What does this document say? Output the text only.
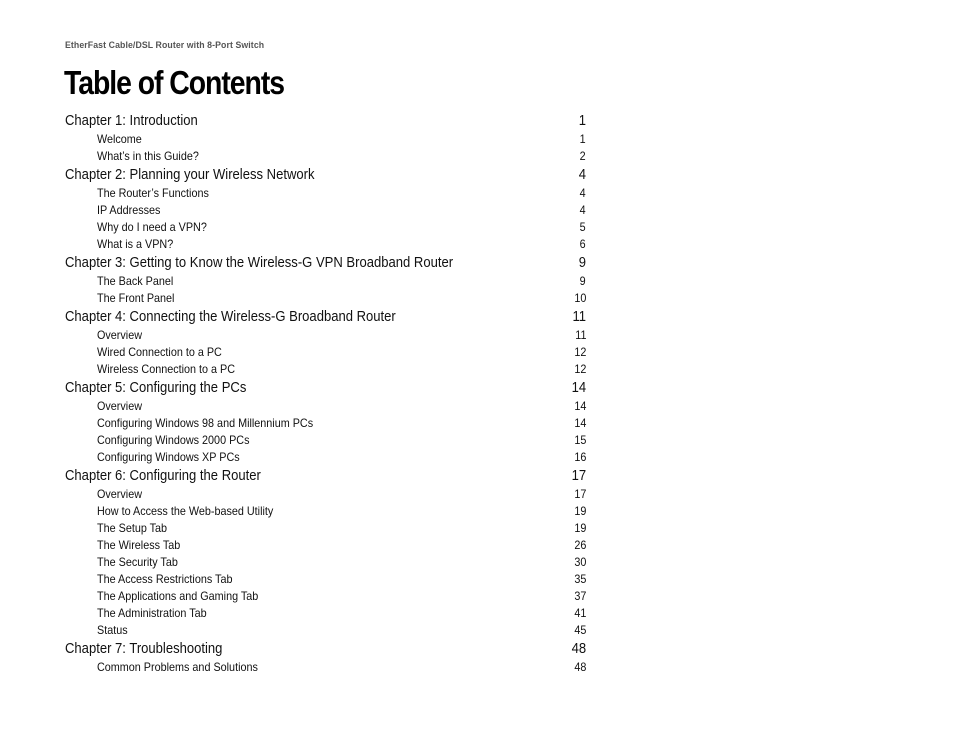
EtherFast Cable/DSL Router with 8-Port Switch
Table of Contents
Chapter 1: Introduction	1
Welcome	1
What’s in this Guide?	2
Chapter 2: Planning your Wireless Network	4
The Router’s Functions	4
IP Addresses	4
Why do I need a VPN?	5
What is a VPN?	6
Chapter 3: Getting to Know the Wireless-G VPN Broadband Router	9
The Back Panel	9
The Front Panel	10
Chapter 4: Connecting the Wireless-G Broadband Router	11
Overview	11
Wired Connection to a PC	12
Wireless Connection to a PC	12
Chapter 5: Configuring the PCs	14
Overview	14
Configuring Windows 98 and Millennium PCs	14
Configuring Windows 2000 PCs	15
Configuring Windows XP PCs	16
Chapter 6: Configuring the Router	17
Overview	17
How to Access the Web-based Utility	19
The Setup Tab	19
The Wireless Tab	26
The Security Tab	30
The Access Restrictions Tab	35
The Applications and Gaming Tab	37
The Administration Tab	41
Status	45
Chapter 7: Troubleshooting	48
Common Problems and Solutions	48
